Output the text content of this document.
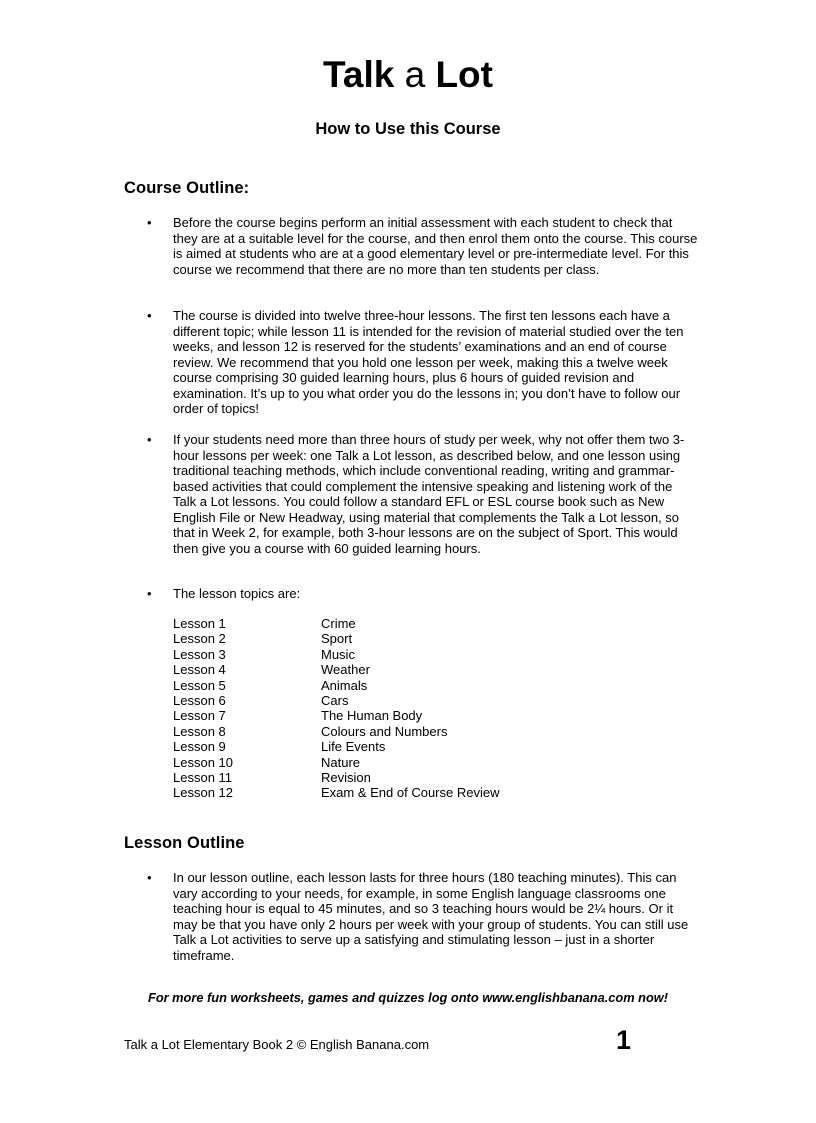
Talk a Lot
How to Use this Course
Course Outline:
• Before the course begins perform an initial assessment with each student to check that they are at a suitable level for the course, and then enrol them onto the course. This course is aimed at students who are at a good elementary level or pre-intermediate level. For this course we recommend that there are no more than ten students per class.

• The course is divided into twelve three-hour lessons. The first ten lessons each have a different topic; while lesson 11 is intended for the revision of material studied over the ten weeks, and lesson 12 is reserved for the students’ examinations and an end of course review. We recommend that you hold one lesson per week, making this a twelve week course comprising 30 guided learning hours, plus 6 hours of guided revision and examination. It’s up to you what order you do the lessons in; you don’t have to follow our order of topics!

• If your students need more than three hours of study per week, why not offer them two 3-hour lessons per week: one Talk a Lot lesson, as described below, and one lesson using traditional teaching methods, which include conventional reading, writing and grammar-based activities that could complement the intensive speaking and listening work of the Talk a Lot lessons. You could follow a standard EFL or ESL course book such as New English File or New Headway, using material that complements the Talk a Lot lesson, so that in Week 2, for example, both 3-hour lessons are on the subject of Sport. This would then give you a course with 60 guided learning hours.

• The lesson topics are:

Lesson 1	Crime
Lesson 2	Sport
Lesson 3	Music
Lesson 4	Weather
Lesson 5	Animals
Lesson 6	Cars
Lesson 7	The Human Body
Lesson 8	Colours and Numbers
Lesson 9	Life Events
Lesson 10	Nature
Lesson 11	Revision
Lesson 12	Exam & End of Course Review
Lesson Outline
• In our lesson outline, each lesson lasts for three hours (180 teaching minutes). This can vary according to your needs, for example, in some English language classrooms one teaching hour is equal to 45 minutes, and so 3 teaching hours would be 2¼ hours. Or it may be that you have only 2 hours per week with your group of students. You can still use Talk a Lot activities to serve up a satisfying and stimulating lesson – just in a shorter timeframe.

For more fun worksheets, games and quizzes log onto www.englishbanana.com now!
Talk a Lot Elementary Book 2 © English Banana.com	1
